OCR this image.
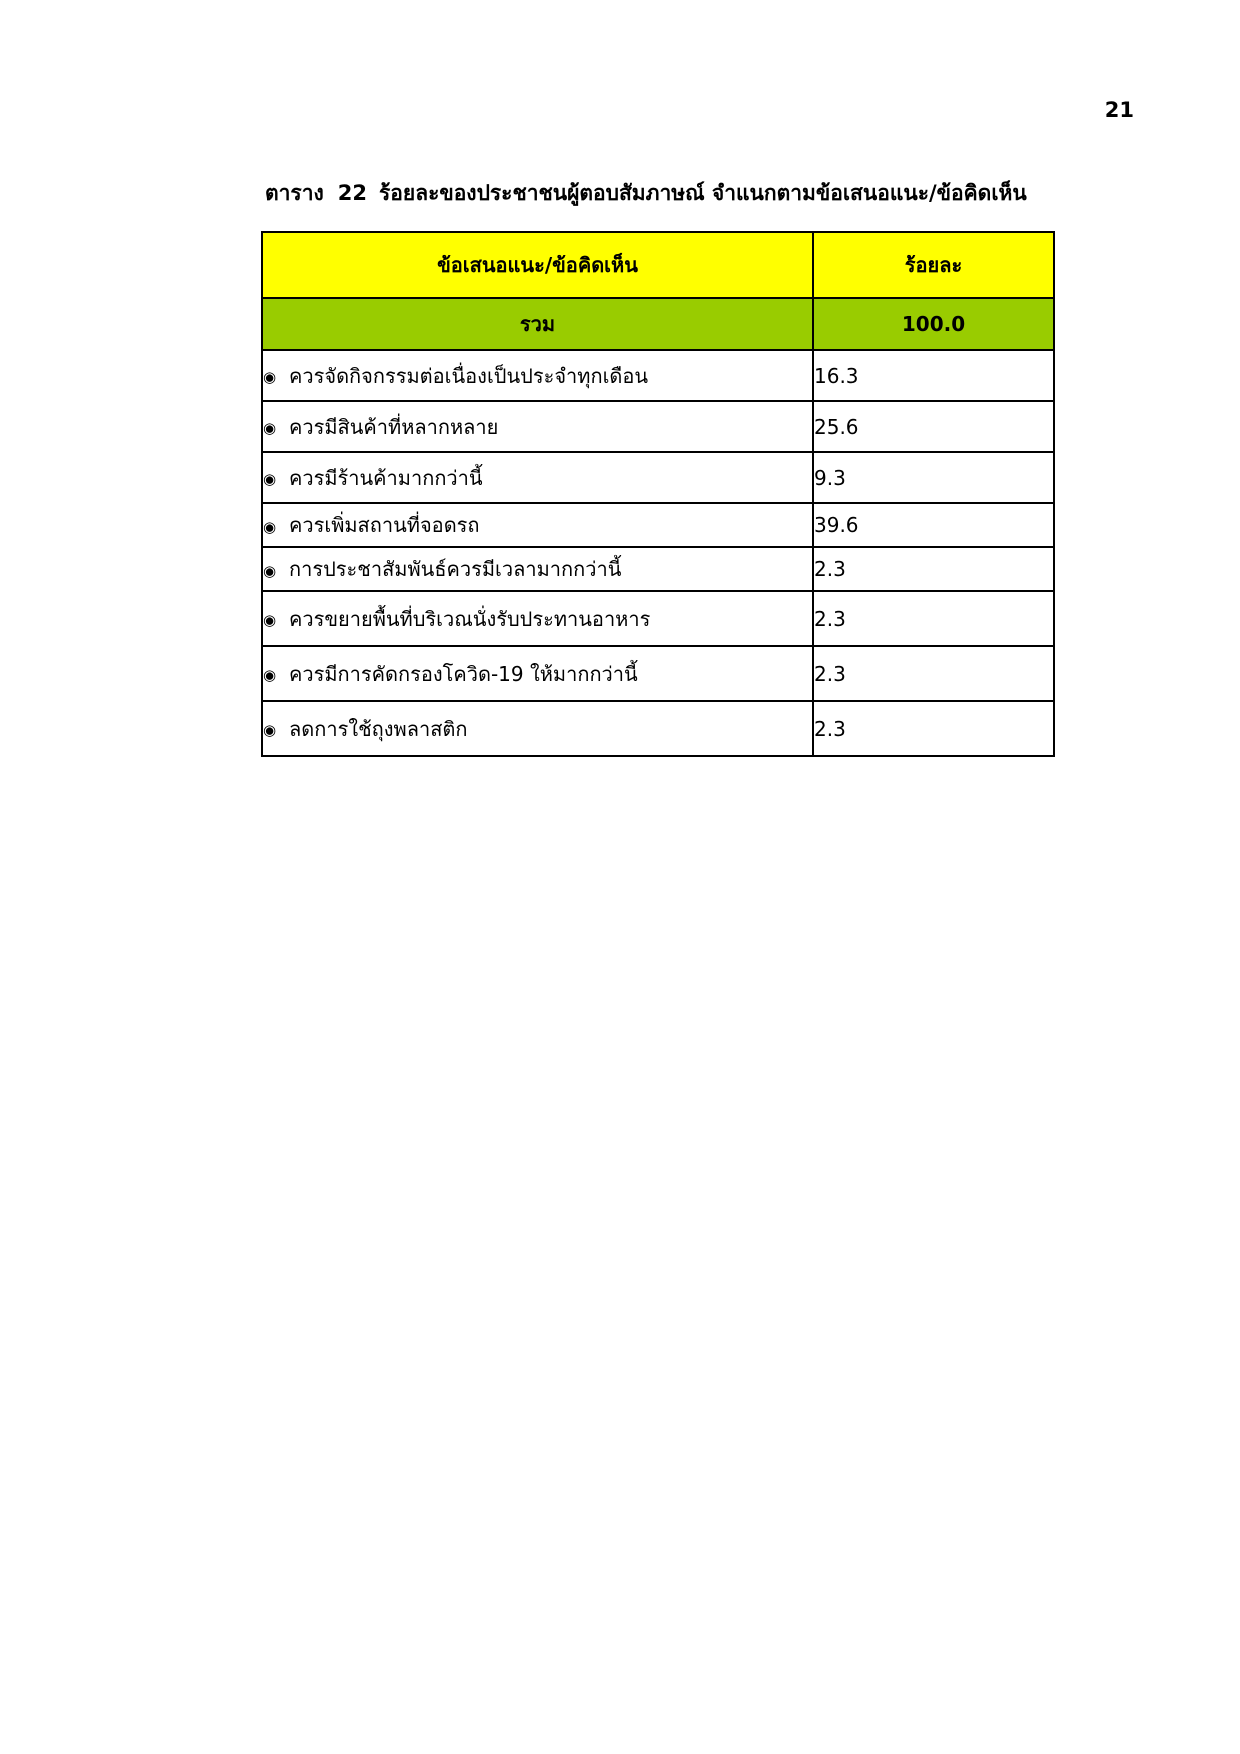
21
ตาราง 22 ร้อยละของประชาชนผู้ตอบสัมภาษณ์ จำแนกตามข้อเสนอแนะ/ข้อคิดเห็น
ข้อเสนอแนะ/ข้อคิดเห็น	ร้อยละ
รวม	100.0
◉ ควรจัดกิจกรรมต่อเนื่องเป็นประจำทุกเดือน	16.3
◉ ควรมีสินค้าที่หลากหลาย	25.6
◉ ควรมีร้านค้ามากกว่านี้	9.3
◉ ควรเพิ่มสถานที่จอดรถ	39.6
◉ การประชาสัมพันธ์ควรมีเวลามากกว่านี้	2.3
◉ ควรขยายพื้นที่บริเวณนั่งรับประทานอาหาร	2.3
◉ ควรมีการคัดกรองโควิด-19 ให้มากกว่านี้	2.3
◉ ลดการใช้ถุงพลาสติก	2.3
